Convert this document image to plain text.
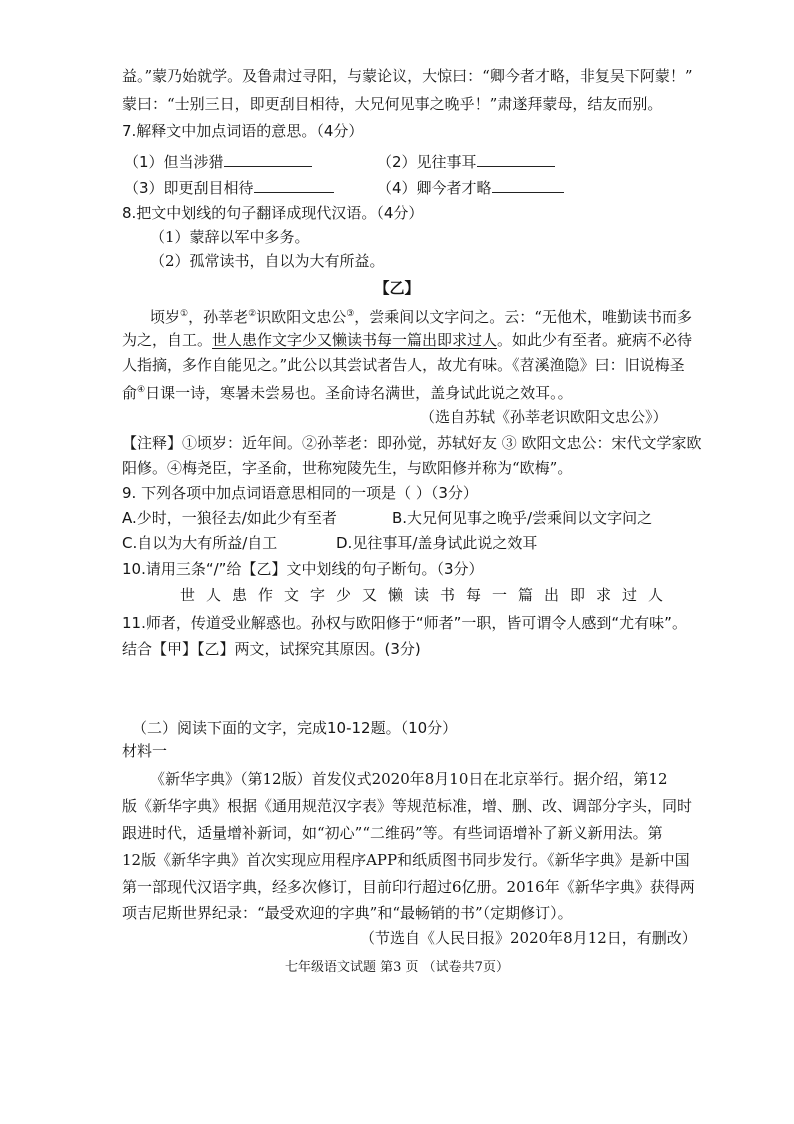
益。”蒙乃始就学。及鲁肃过寻阳，与蒙论议，大惊曰：“卿今者才略，非复吴下阿蒙！”
蒙曰：“士别三日，即更刮目相待，大兄何见事之晚乎！”肃遂拜蒙母，结友而别。
7.解释文中加点词语的意思。（4分）
（1）但当涉猎	（2）见往事耳
（3）即更刮目相待	（4）卿今者才略
8.把文中划线的句子翻译成现代汉语。（4分）
（1）蒙辞以军中多务。
（2）孤常读书，自以为大有所益。
【乙】
顷岁①，孙莘老②识欧阳文忠公③，尝乘间以文字问之。云：“无他术，唯勤读书而多
为之，自工。世人患作文字少又懒读书每一篇出即求过人。如此少有至者。疵病不必待
人指摘，多作自能见之。”此公以其尝试者告人，故尤有味。《苕溪渔隐》曰：旧说梅圣
俞④日课一诗，寒暑未尝易也。圣俞诗名满世，盖身试此说之效耳。。
（选自苏轼《孙莘老识欧阳文忠公》）
【注释】①顷岁：近年间。②孙莘老：即孙觉，苏轼好友 ③ 欧阳文忠公：宋代文学家欧
阳修。④梅尧臣，字圣俞，世称宛陵先生，与欧阳修并称为“欧梅”。
9. 下列各项中加点词语意思相同的一项是（ ）（3分）
A.少时，一狼径去/如此少有至者	B.大兄何见事之晚乎/尝乘间以文字问之
C.自以为大有所益/自工	D.见往事耳/盖身试此说之效耳
10.请用三条“/”给【乙】文中划线的句子断句。（3分）
世人患作文字少又懒读书每一篇出即求过人
11.师者，传道受业解惑也。孙权与欧阳修于“师者”一职，皆可谓令人感到“尤有味”。
结合【甲】【乙】两文，试探究其原因。(3分)
（二）阅读下面的文字，完成10-12题。（10分）
材料一
《新华字典》（第12版）首发仪式2020年8月10日在北京举行。据介绍，第12
版《新华字典》根据《通用规范汉字表》等规范标准，增、删、改、调部分字头，同时
跟进时代，适量增补新词，如“初心”“二维码”等。有些词语增补了新义新用法。第
12版《新华字典》首次实现应用程序APP和纸质图书同步发行。《新华字典》是新中国
第一部现代汉语字典，经多次修订，目前印行超过6亿册。2016年《新华字典》获得两
项吉尼斯世界纪录：“最受欢迎的字典”和“最畅销的书”（定期修订）。
（节选自《人民日报》2020年8月12日，有删改）
七年级语文试题 第3 页 （试卷共7页）
